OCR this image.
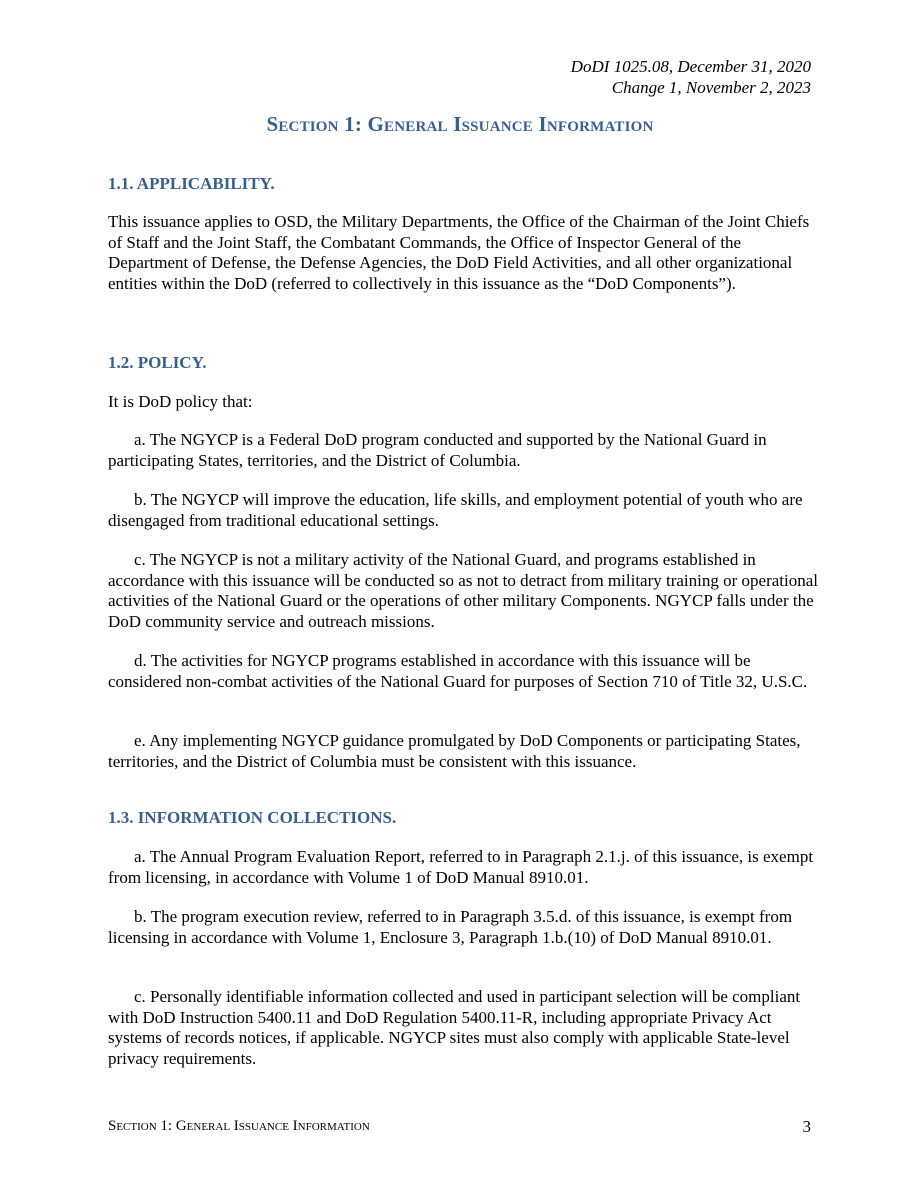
DoDI 1025.08, December 31, 2020
Change 1, November 2, 2023
Section 1: General Issuance Information
1.1. APPLICABILITY.
This issuance applies to OSD, the Military Departments, the Office of the Chairman of the Joint Chiefs of Staff and the Joint Staff, the Combatant Commands, the Office of Inspector General of the Department of Defense, the Defense Agencies, the DoD Field Activities, and all other organizational entities within the DoD (referred to collectively in this issuance as the “DoD Components”).
1.2. POLICY.
It is DoD policy that:
a. The NGYCP is a Federal DoD program conducted and supported by the National Guard in participating States, territories, and the District of Columbia.
b. The NGYCP will improve the education, life skills, and employment potential of youth who are disengaged from traditional educational settings.
c. The NGYCP is not a military activity of the National Guard, and programs established in accordance with this issuance will be conducted so as not to detract from military training or operational activities of the National Guard or the operations of other military Components. NGYCP falls under the DoD community service and outreach missions.
d. The activities for NGYCP programs established in accordance with this issuance will be considered non-combat activities of the National Guard for purposes of Section 710 of Title 32, U.S.C.
e. Any implementing NGYCP guidance promulgated by DoD Components or participating States, territories, and the District of Columbia must be consistent with this issuance.
1.3. INFORMATION COLLECTIONS.
a. The Annual Program Evaluation Report, referred to in Paragraph 2.1.j. of this issuance, is exempt from licensing, in accordance with Volume 1 of DoD Manual 8910.01.
b. The program execution review, referred to in Paragraph 3.5.d. of this issuance, is exempt from licensing in accordance with Volume 1, Enclosure 3, Paragraph 1.b.(10) of DoD Manual 8910.01.
c. Personally identifiable information collected and used in participant selection will be compliant with DoD Instruction 5400.11 and DoD Regulation 5400.11-R, including appropriate Privacy Act systems of records notices, if applicable. NGYCP sites must also comply with applicable State-level privacy requirements.
Section 1: General Issuance Information	3
